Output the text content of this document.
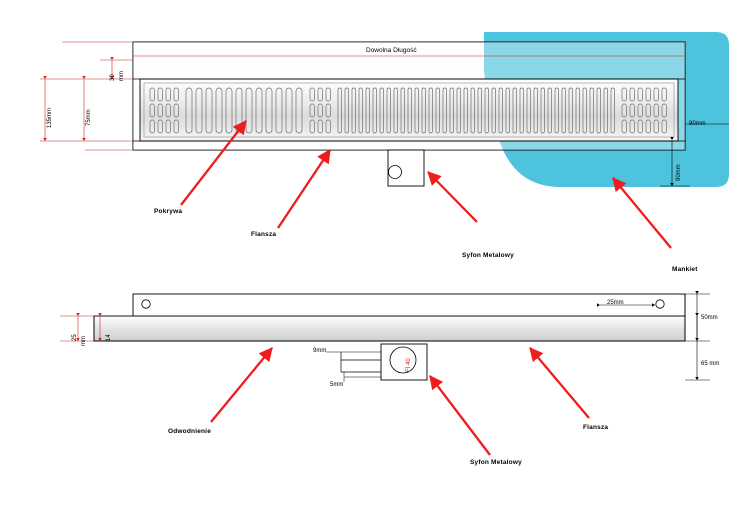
Dowolna Długość
135mm	75mm
30 mm
90mm
90mm
Pokrywa
Flansza
Syfon Metalowy
Mankiet
25mm
50mm
65 mm
25 mm	14
9mm
5mm
FI 40
Odwodnienie
Syfon Metalowy
Flansza
